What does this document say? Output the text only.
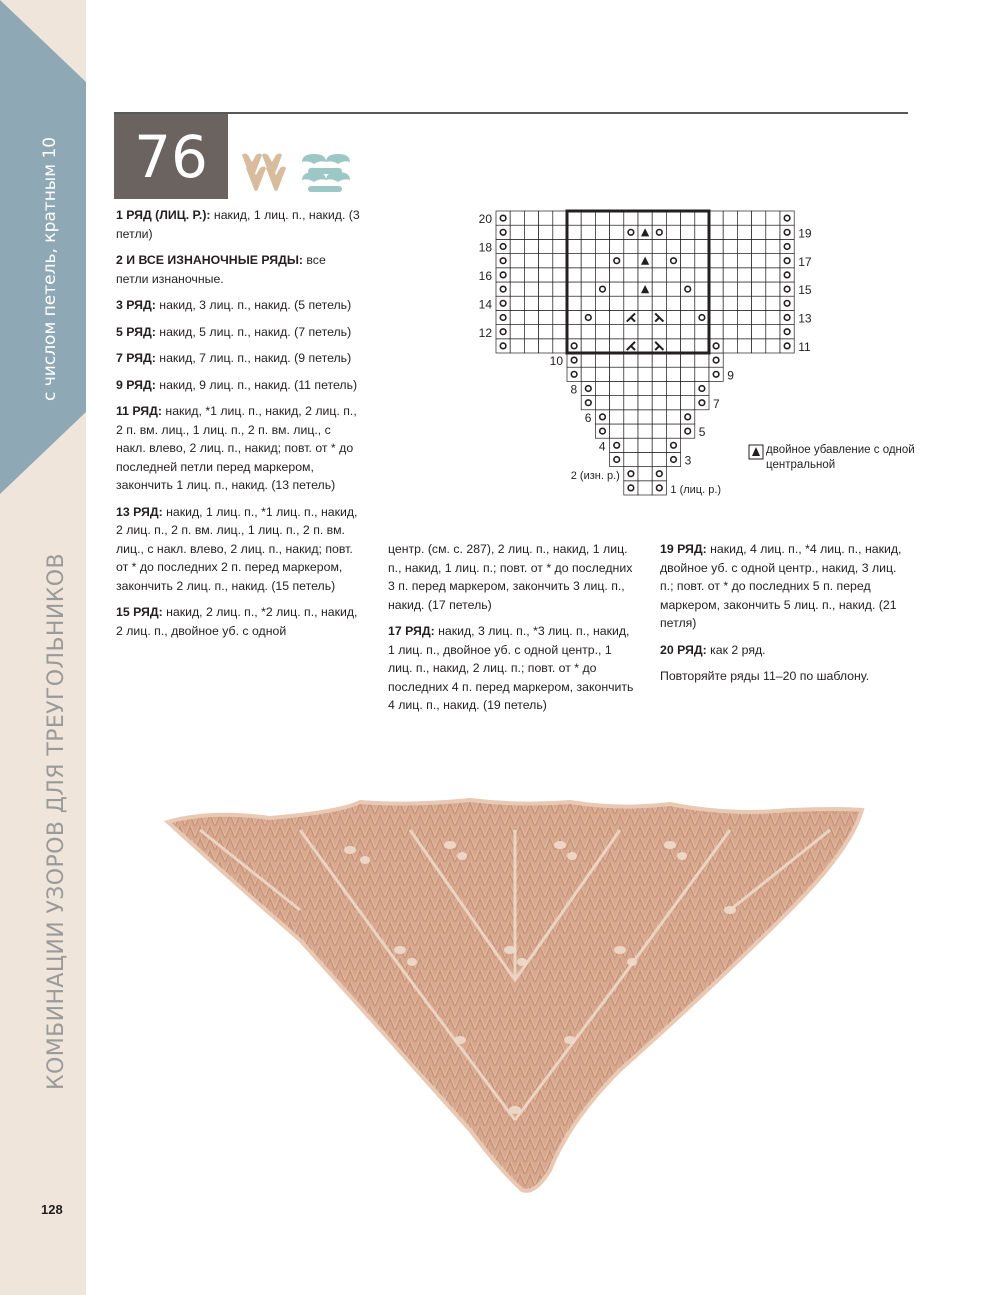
с числом петель, кратным 10
КОМБИНАЦИИ УЗОРОВ ДЛЯ ТРЕУГОЛЬНИКОВ
128
76

1 РЯД (ЛИЦ. Р.): накид, 1 лиц. п., накид. (3 петли)

2 И ВСЕ ИЗНАНОЧНЫЕ РЯДЫ: все петли изнаночные.

3 РЯД: накид, 3 лиц. п., накид. (5 петель)

5 РЯД: накид, 5 лиц. п., накид. (7 петель)

7 РЯД: накид, 7 лиц. п., накид. (9 петель)

9 РЯД: накид, 9 лиц. п., накид. (11 петель)

11 РЯД: накид, *1 лиц. п., накид, 2 лиц. п., 2 п. вм. лиц., 1 лиц. п., 2 п. вм. лиц., с накл. влево, 2 лиц. п., накид; повт. от * до последней петли перед маркером, закончить 1 лиц. п., накид. (13 петель)

13 РЯД: накид, 1 лиц. п., *1 лиц. п., накид, 2 лиц. п., 2 п. вм. лиц., 1 лиц. п., 2 п. вм. лиц., с накл. влево, 2 лиц. п., накид; повт. от * до последних 2 п. перед маркером, закончить 2 лиц. п., накид. (15 петель)

15 РЯД: накид, 2 лиц. п., *2 лиц. п., накид, 2 лиц. п., двойное уб. с одной

центр. (см. с. 287), 2 лиц. п., накид, 1 лиц. п., накид, 1 лиц. п.; повт. от * до последних 3 п. перед маркером, закончить 3 лиц. п., накид. (17 петель)

17 РЯД: накид, 3 лиц. п., *3 лиц. п., накид, 1 лиц. п., двойное уб. с одной центр., 1 лиц. п., накид, 2 лиц. п.; повт. от * до последних 4 п. перед маркером, закончить 4 лиц. п., накид. (19 петель)

19 РЯД: накид, 4 лиц. п., *4 лиц. п., накид, двойное уб. с одной центр., накид, 3 лиц. п.; повт. от * до последних 5 п. перед маркером, закончить 5 лиц. п., накид. (21 петля)

20 РЯД: как 2 ряд.

Повторяйте ряды 11–20 по шаблону.

19
17
15
13
11
9
7
5
3
20
18
16
14
12
10
8
6
4
1 (лиц. р.)
2 (изн. р.)
двойное убавление с одной центральной
